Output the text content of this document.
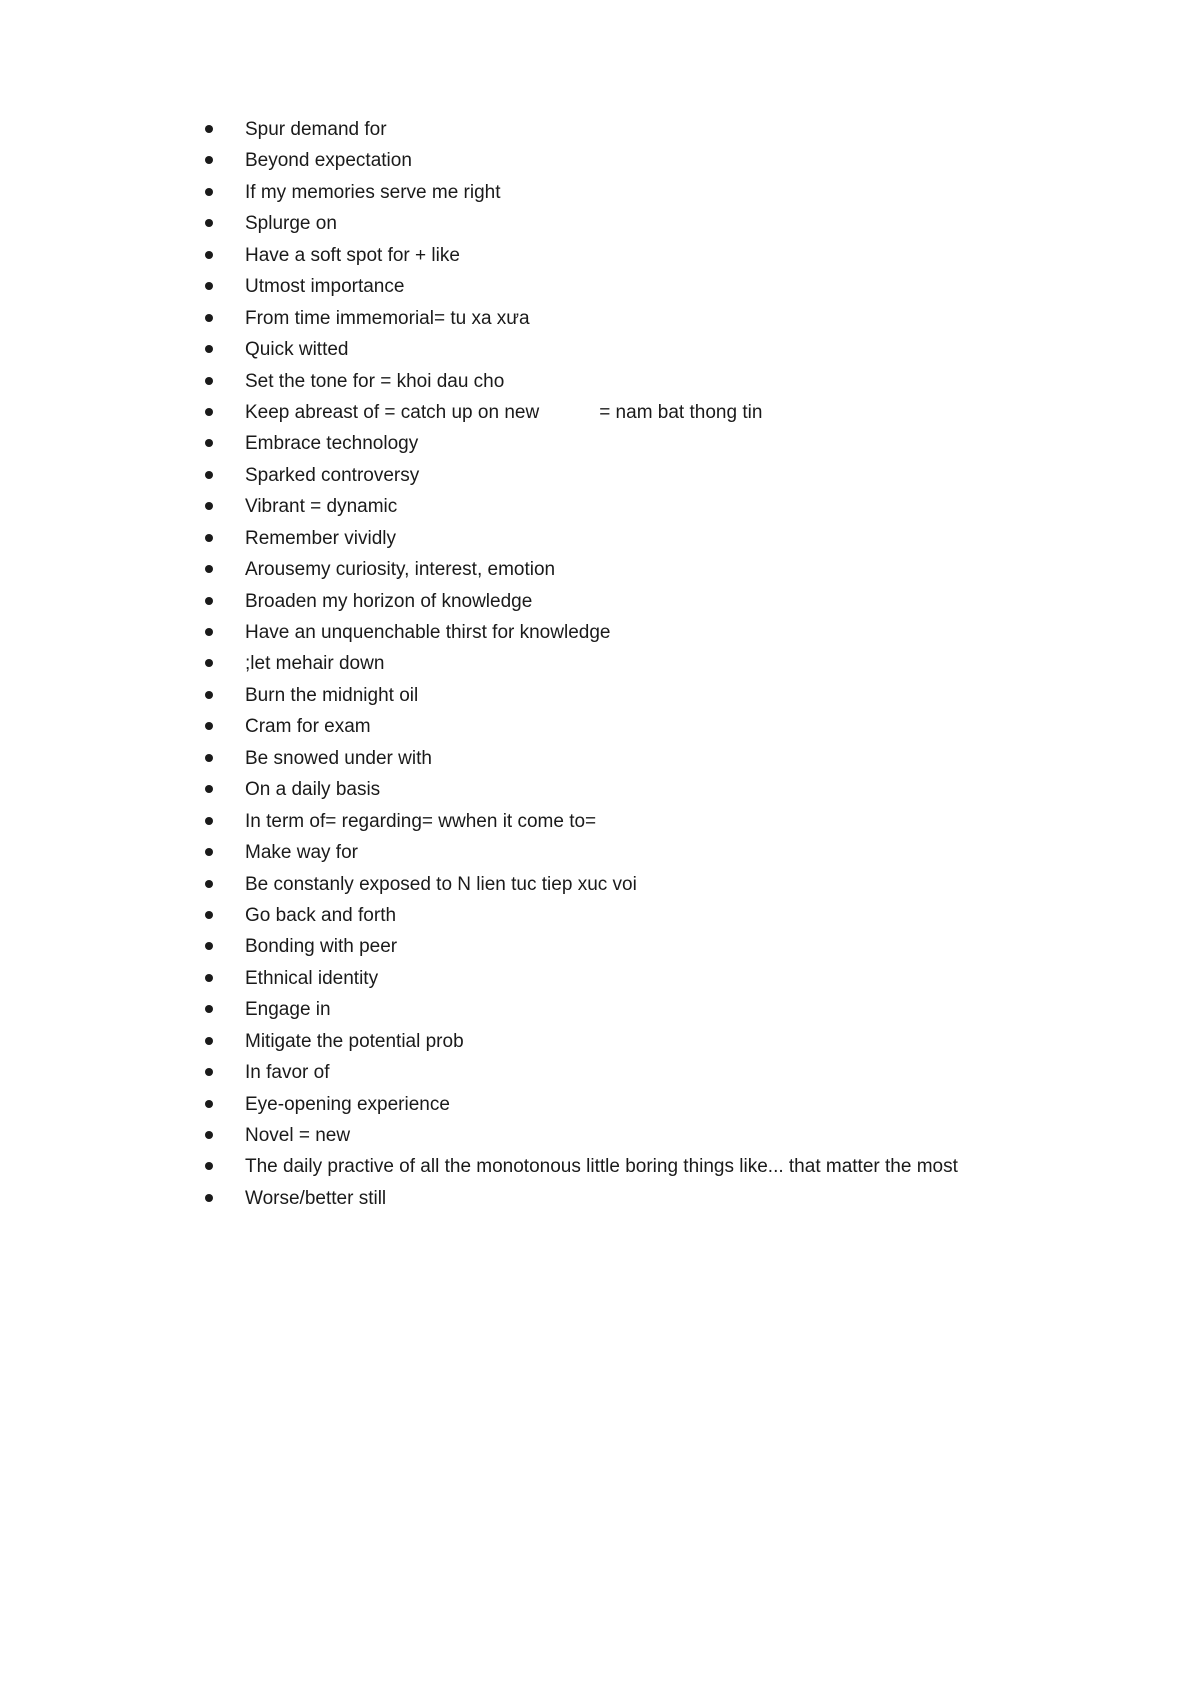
Spur demand for
Beyond expectation
If my memories serve me right
Splurge on
Have a soft spot for + like
Utmost importance
From time immemorial= tu xa xưa
Quick witted
Set the tone for = khoi dau cho
Keep abreast of = catch up on new	= nam bat thong tin
Embrace technology
Sparked controversy
Vibrant = dynamic
Remember vividly
Arousemy curiosity, interest, emotion
Broaden my horizon of knowledge
Have an unquenchable thirst for knowledge
;let mehair down
Burn the midnight oil
Cram for exam
Be snowed under with
On a daily basis
In term of= regarding= wwhen it come to=
Make way for
Be constanly exposed to N lien tuc tiep xuc voi
Go back and forth
Bonding with peer
Ethnical identity
Engage in
Mitigate the potential prob
In favor of
Eye-opening experience
Novel = new
The daily practive of all the monotonous little boring things like... that matter the most
Worse/better still
